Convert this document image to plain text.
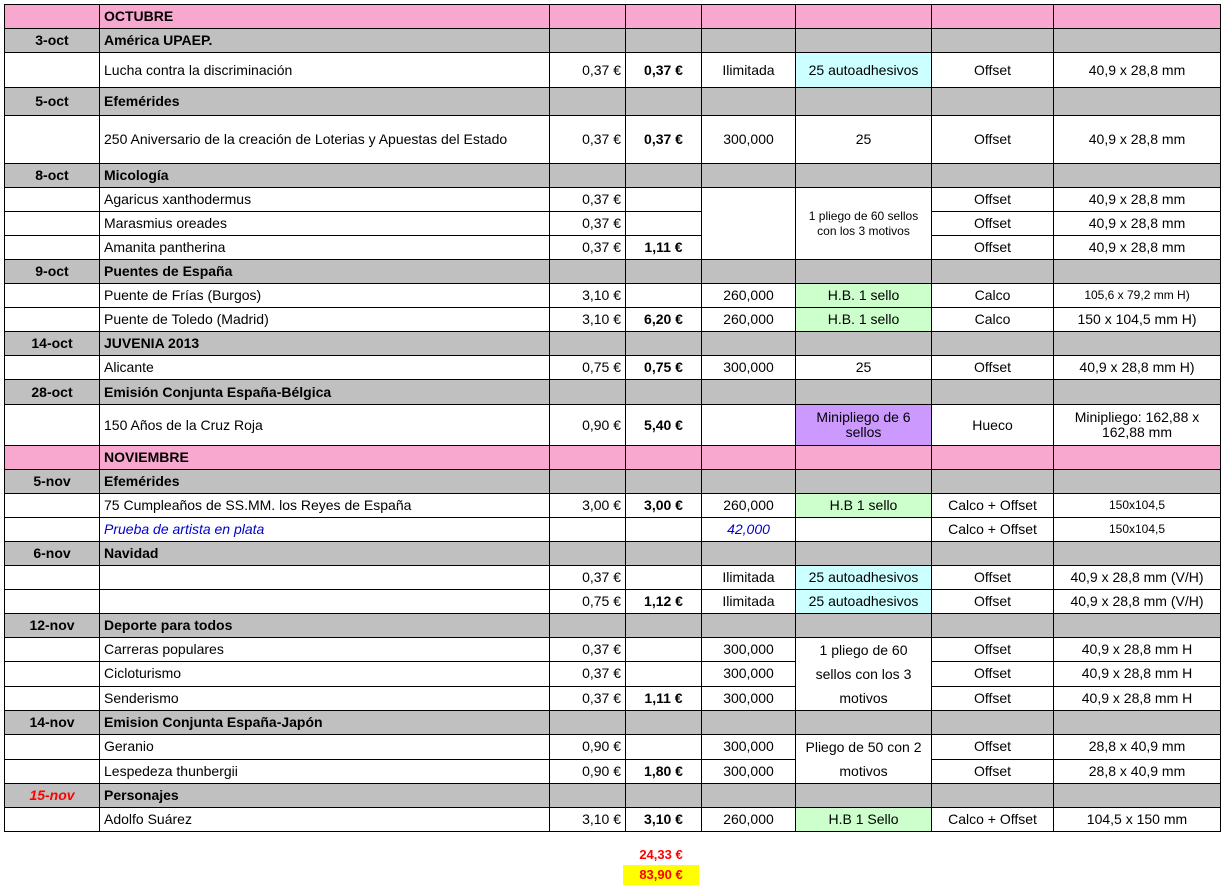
	OCTUBRE						
3-oct	América UPAEP.						
	Lucha contra la discriminación	0,37 €	0,37 €	Ilimitada	25 autoadhesivos	Offset	40,9 x 28,8 mm
5-oct	Efemérides						
	250 Aniversario de la creación de Loterias y Apuestas del Estado	0,37 €	0,37 €	300,000	25	Offset	40,9 x 28,8 mm
8-oct	Micología						
	Agaricus xanthodermus	0,37 €			1 pliego de 60 sellos con los 3 motivos	Offset	40,9 x 28,8 mm
	Marasmius oreades	0,37 €				Offset	40,9 x 28,8 mm
	Amanita pantherina	0,37 €	1,11 €			Offset	40,9 x 28,8 mm
9-oct	Puentes de España						
	Puente de Frías (Burgos)	3,10 €		260,000	H.B. 1 sello	Calco	105,6 x 79,2 mm H)
	Puente de Toledo (Madrid)	3,10 €	6,20 €	260,000	H.B. 1 sello	Calco	150 x 104,5 mm H)
14-oct	JUVENIA 2013						
	Alicante	0,75 €	0,75 €	300,000	25	Offset	40,9 x 28,8 mm H)
28-oct	Emisión Conjunta España-Bélgica						
	150 Años de la Cruz Roja	0,90 €	5,40 €		Minipliego de 6 sellos	Hueco	Minipliego: 162,88 x 162,88 mm
	NOVIEMBRE						
5-nov	Efemérides						
	75 Cumpleaños de SS.MM. los Reyes de España	3,00 €	3,00 €	260,000	H.B 1 sello	Calco + Offset	150x104,5
	Prueba de artista en plata			42,000		Calco + Offset	150x104,5
6-nov	Navidad						
		0,37 €		Ilimitada	25 autoadhesivos	Offset	40,9 x 28,8 mm (V/H)
		0,75 €	1,12 €	Ilimitada	25 autoadhesivos	Offset	40,9 x 28,8 mm (V/H)
12-nov	Deporte para todos						
	Carreras populares	0,37 €		300,000	1 pliego de 60 sellos con los 3 motivos	Offset	40,9 x 28,8 mm H
	Cicloturismo	0,37 €		300,000		Offset	40,9 x 28,8 mm H
	Senderismo	0,37 €	1,11 €	300,000		Offset	40,9 x 28,8 mm H
14-nov	Emision Conjunta España-Japón						
	Geranio	0,90 €		300,000	Pliego de 50 con 2 motivos	Offset	28,8 x 40,9 mm
	Lespedeza thunbergii	0,90 €	1,80 €	300,000		Offset	28,8 x 40,9 mm
15-nov	Personajes						
	Adolfo Suárez	3,10 €	3,10 €	260,000	H.B 1 Sello	Calco + Offset	104,5 x 150 mm
24,33 €
83,90 €
